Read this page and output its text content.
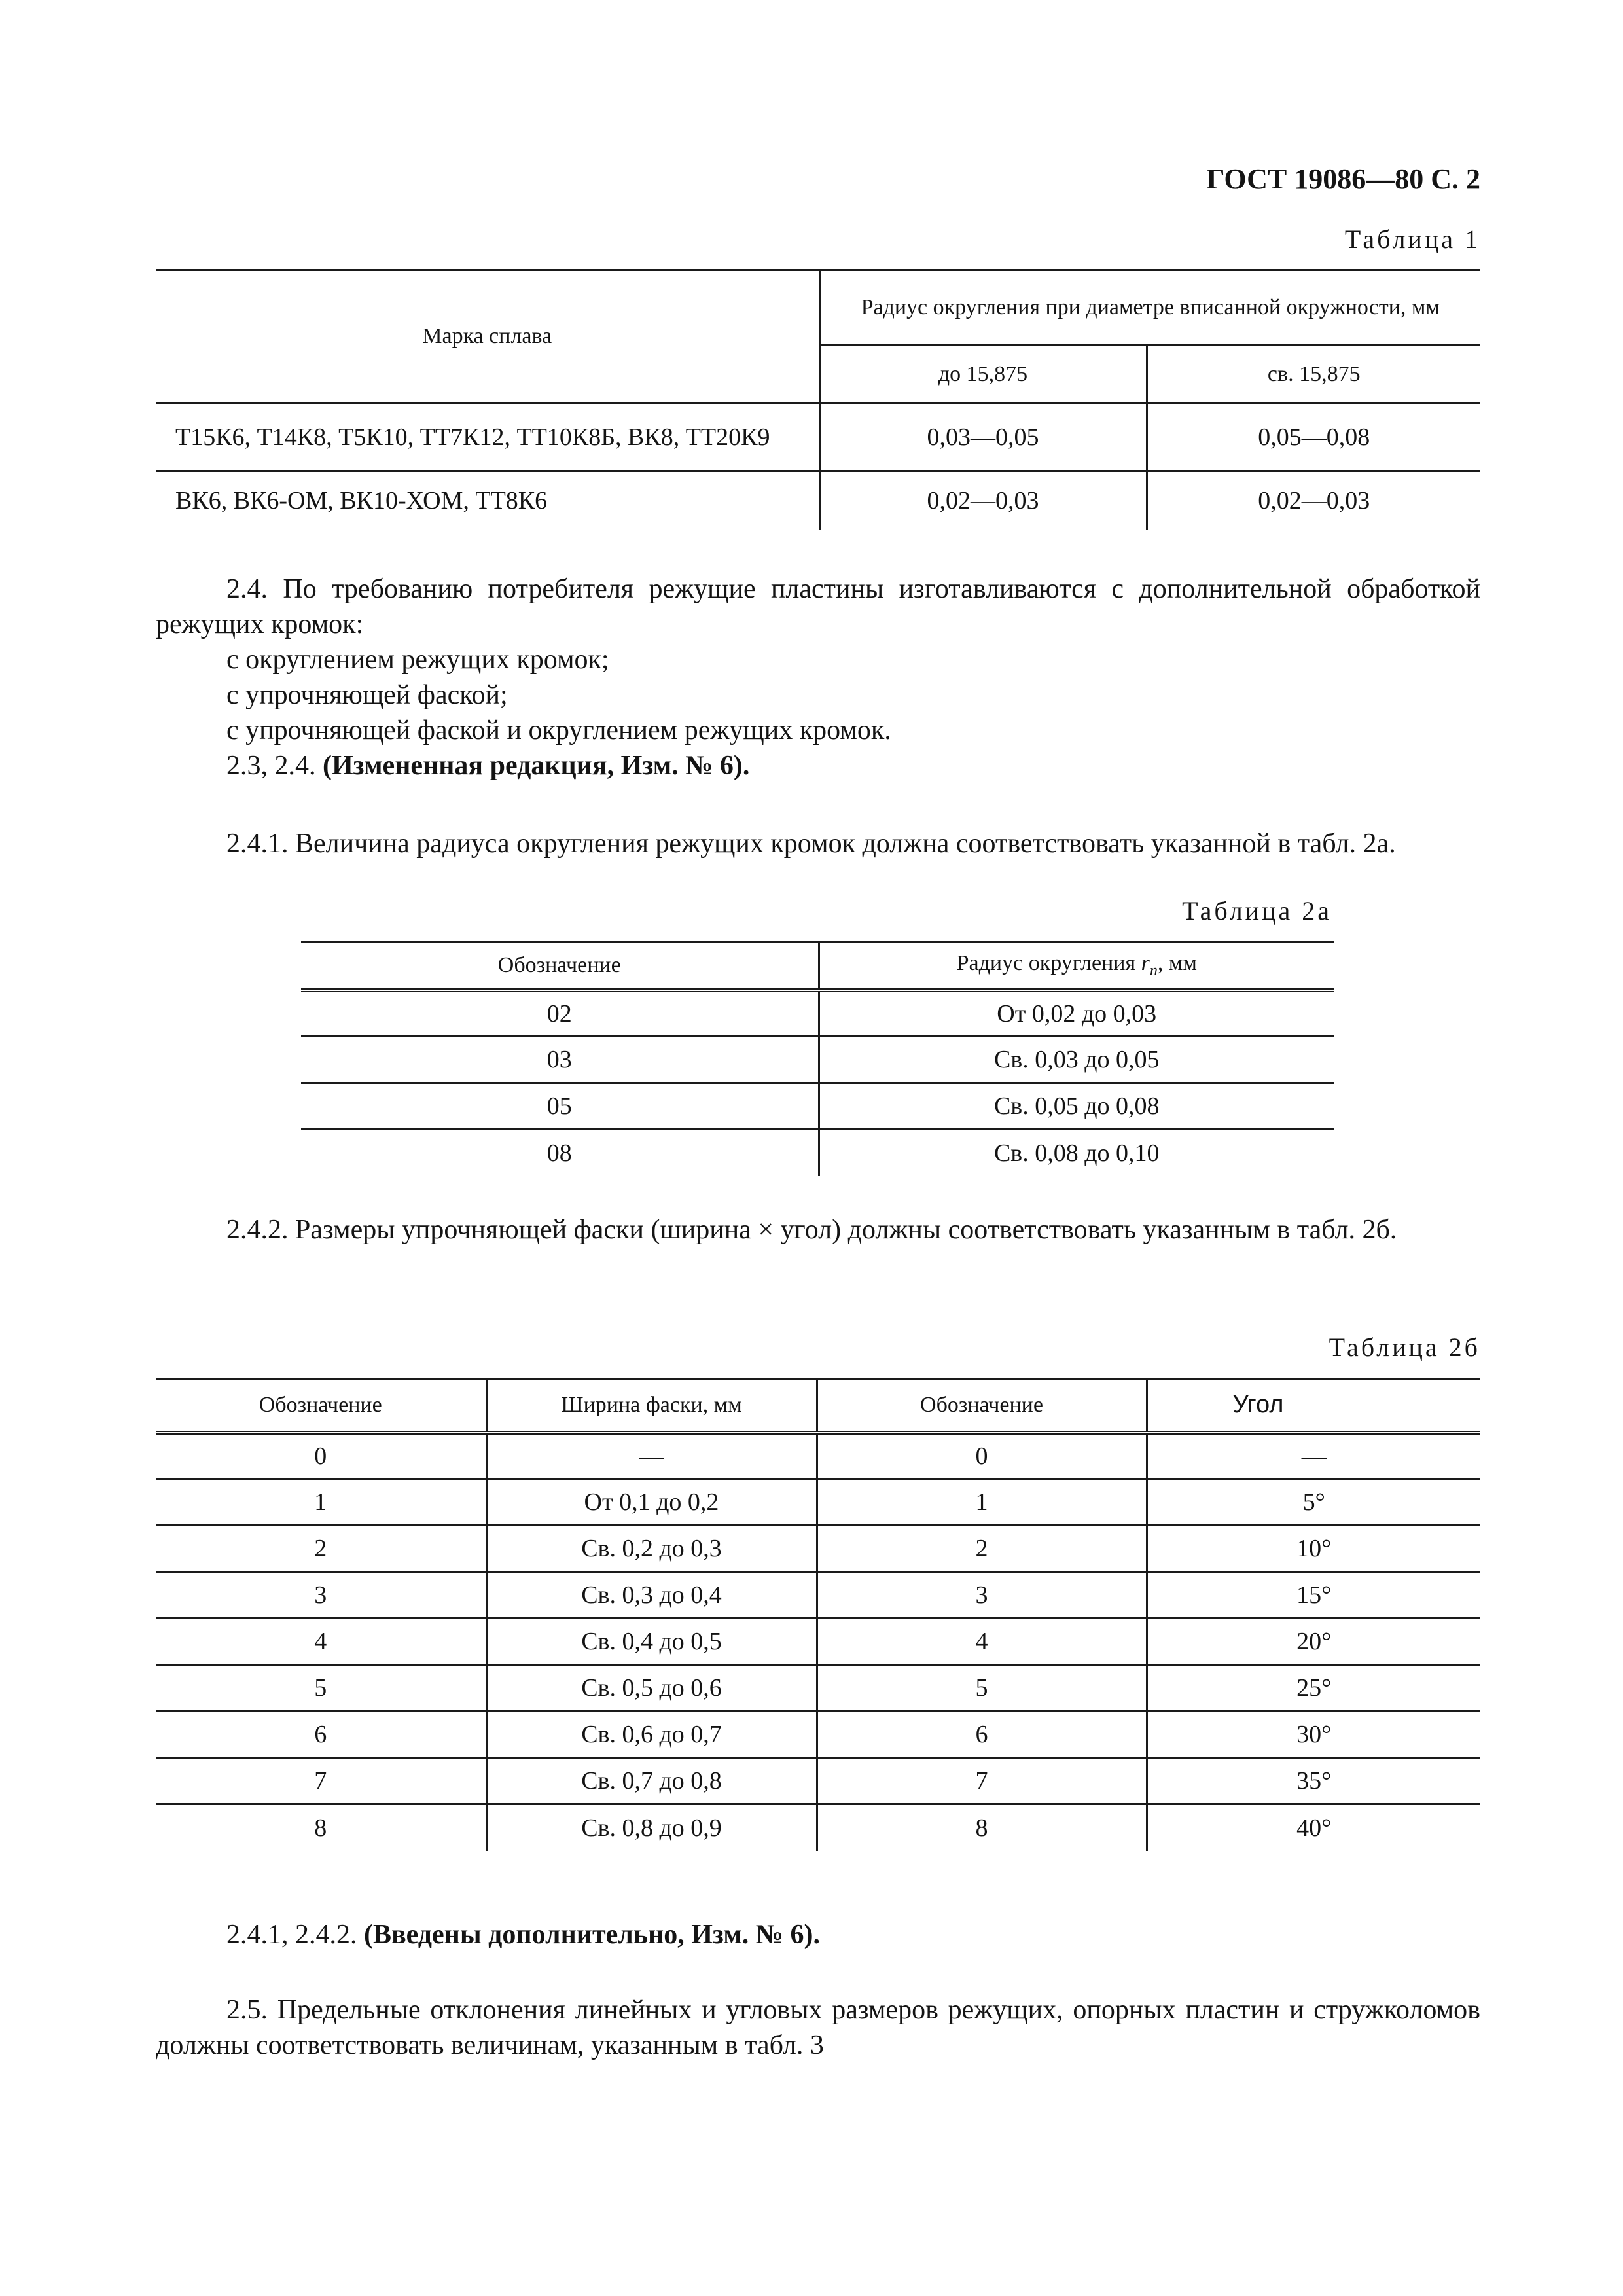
ГОСТ 19086—80 С. 2
Таблица 1
Марка сплава	Радиус округления при диаметре вписанной окружности, мм	
	до 15,875	св. 15,875
Т15К6, Т14К8, Т5К10, ТТ7К12, ТТ10К8Б, ВК8, ТТ20К9	0,03—0,05	0,05—0,08
ВК6, ВК6-ОМ, ВК10-ХОМ, ТТ8К6	0,02—0,03	0,02—0,03
2.4. По требованию потребителя режущие пластины изготавливаются с дополнительной обработкой режущих кромок:
с округлением режущих кромок;
с упрочняющей фаской;
с упрочняющей фаской и округлением режущих кромок.
2.3, 2.4. (Измененная редакция, Изм. № 6).
2.4.1. Величина радиуса округления режущих кромок должна соответствовать указанной в табл. 2а.
Таблица 2а
Обозначение	Радиус округления $r_n$, мм
02	От 0,02 до 0,03
03	Св. 0,03 до 0,05
05	Св. 0,05 до 0,08
08	Св. 0,08 до 0,10
2.4.2. Размеры упрочняющей фаски (ширина × угол) должны соответствовать указанным в табл. 2б.
Таблица 2б
Обозначение	Ширина фаски, мм	Обозначение	Угол
0	—	0	—
1	От 0,1 до 0,2	1	5°
2	Св. 0,2 до 0,3	2	10°
3	Св. 0,3 до 0,4	3	15°
4	Св. 0,4 до 0,5	4	20°
5	Св. 0,5 до 0,6	5	25°
6	Св. 0,6 до 0,7	6	30°
7	Св. 0,7 до 0,8	7	35°
8	Св. 0,8 до 0,9	8	40°
2.4.1, 2.4.2. (Введены дополнительно, Изм. № 6).
2.5. Предельные отклонения линейных и угловых размеров режущих, опорных пластин и стружколомов должны соответствовать величинам, указанным в табл. 3
